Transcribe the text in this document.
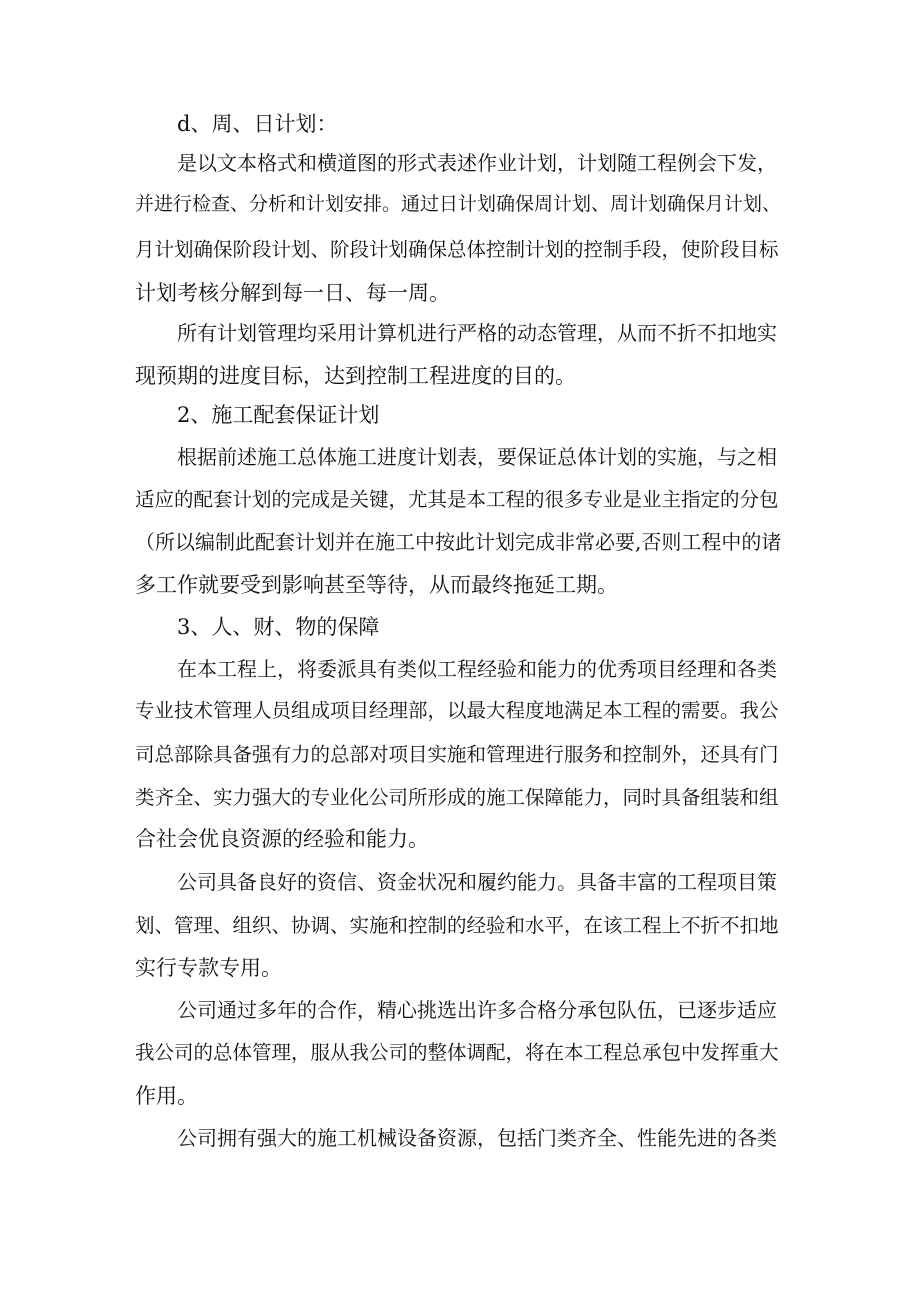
d、周、日计划：
是以文本格式和横道图的形式表述作业计划，计划随工程例会下发，
并进行检查、分析和计划安排。通过日计划确保周计划、周计划确保月计划、
月计划确保阶段计划、阶段计划确保总体控制计划的控制手段，使阶段目标
计划考核分解到每一日、每一周。
所有计划管理均采用计算机进行严格的动态管理，从而不折不扣地实
现预期的进度目标，达到控制工程进度的目的。
2、施工配套保证计划
根据前述施工总体施工进度计划表，要保证总体计划的实施，与之相
适应的配套计划的完成是关键，尤其是本工程的很多专业是业主指定的分包
（所以编制此配套计划并在施工中按此计划完成非常必要,否则工程中的诸
多工作就要受到影响甚至等待，从而最终拖延工期。
3、人、财、物的保障
在本工程上，将委派具有类似工程经验和能力的优秀项目经理和各类
专业技术管理人员组成项目经理部，以最大程度地满足本工程的需要。我公
司总部除具备强有力的总部对项目实施和管理进行服务和控制外，还具有门
类齐全、实力强大的专业化公司所形成的施工保障能力，同时具备组装和组
合社会优良资源的经验和能力。
公司具备良好的资信、资金状况和履约能力。具备丰富的工程项目策
划、管理、组织、协调、实施和控制的经验和水平，在该工程上不折不扣地
实行专款专用。
公司通过多年的合作，精心挑选出许多合格分承包队伍，已逐步适应
我公司的总体管理，服从我公司的整体调配，将在本工程总承包中发挥重大
作用。
公司拥有强大的施工机械设备资源，包括门类齐全、性能先进的各类
